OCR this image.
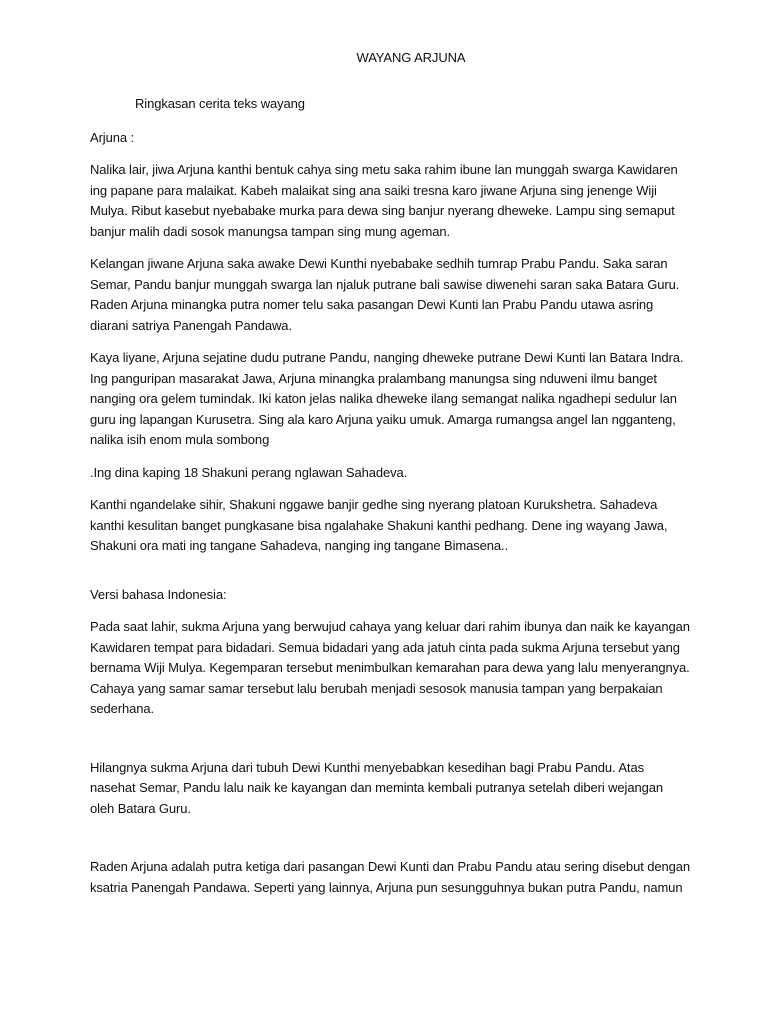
WAYANG ARJUNA
Ringkasan cerita teks wayang
Arjuna :

Nalika lair, jiwa Arjuna kanthi bentuk cahya sing metu saka rahim ibune lan munggah swarga Kawidaren ing papane para malaikat. Kabeh malaikat sing ana saiki tresna karo jiwane Arjuna sing jenenge Wiji Mulya. Ribut kasebut nyebabake murka para dewa sing banjur nyerang dheweke. Lampu sing semaput banjur malih dadi sosok manungsa tampan sing mung ageman.

Kelangan jiwane Arjuna saka awake Dewi Kunthi nyebabake sedhih tumrap Prabu Pandu. Saka saran Semar, Pandu banjur munggah swarga lan njaluk putrane bali sawise diwenehi saran saka Batara Guru. Raden Arjuna minangka putra nomer telu saka pasangan Dewi Kunti lan Prabu Pandu utawa asring diarani satriya Panengah Pandawa.

Kaya liyane, Arjuna sejatine dudu putrane Pandu, nanging dheweke putrane Dewi Kunti lan Batara Indra. Ing panguripan masarakat Jawa, Arjuna minangka pralambang manungsa sing nduweni ilmu banget nanging ora gelem tumindak. Iki katon jelas nalika dheweke ilang semangat nalika ngadhepi sedulur lan guru ing lapangan Kurusetra. Sing ala karo Arjuna yaiku umuk. Amarga rumangsa angel lan ngganteng, nalika isih enom mula sombong

.Ing dina kaping 18 Shakuni perang nglawan Sahadeva.

Kanthi ngandelake sihir, Shakuni nggawe banjir gedhe sing nyerang platoan Kurukshetra. Sahadeva kanthi kesulitan banget pungkasane bisa ngalahake Shakuni kanthi pedhang. Dene ing wayang Jawa, Shakuni ora mati ing tangane Sahadeva, nanging ing tangane Bimasena..

Versi bahasa Indonesia:

Pada saat lahir, sukma Arjuna yang berwujud cahaya yang keluar dari rahim ibunya dan naik ke kayangan Kawidaren tempat para bidadari. Semua bidadari yang ada jatuh cinta pada sukma Arjuna tersebut yang bernama Wiji Mulya. Kegemparan tersebut menimbulkan kemarahan para dewa yang lalu menyerangnya. Cahaya yang samar samar tersebut lalu berubah menjadi sesosok manusia tampan yang berpakaian sederhana.

Hilangnya sukma Arjuna dari tubuh Dewi Kunthi menyebabkan kesedihan bagi Prabu Pandu. Atas nasehat Semar, Pandu lalu naik ke kayangan dan meminta kembali putranya setelah diberi wejangan oleh Batara Guru.

Raden Arjuna adalah putra ketiga dari pasangan Dewi Kunti dan Prabu Pandu atau sering disebut dengan ksatria Panengah Pandawa. Seperti yang lainnya, Arjuna pun sesungguhnya bukan putra Pandu, namun
